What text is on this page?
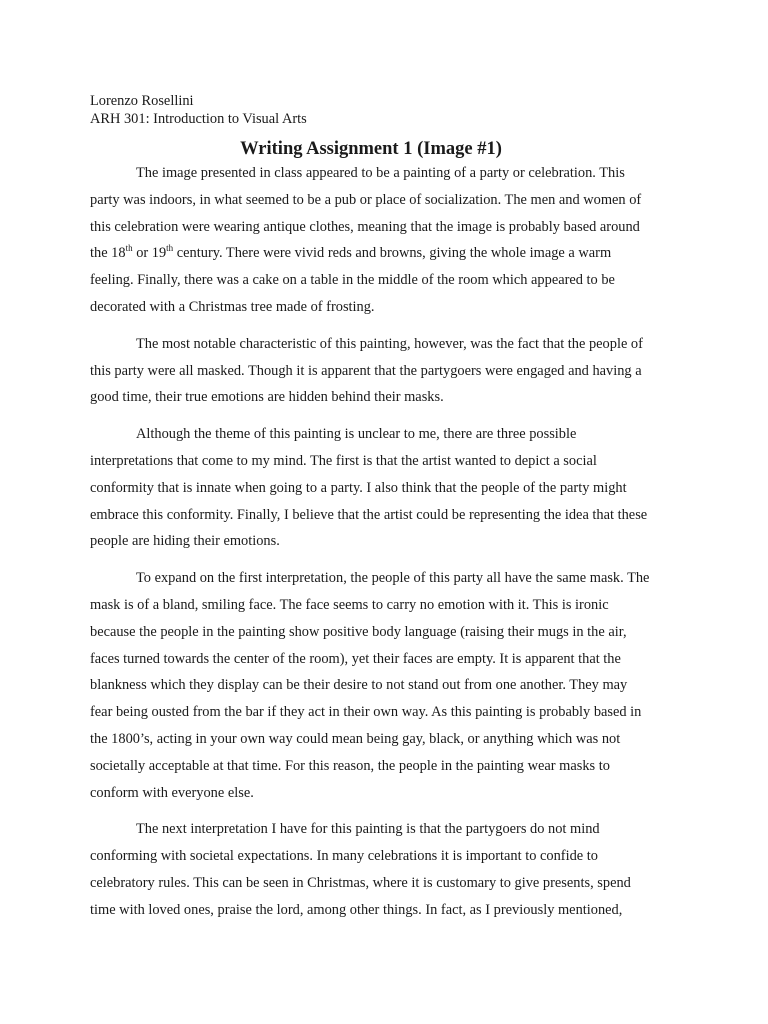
Lorenzo Rosellini
ARH 301: Introduction to Visual Arts
Writing Assignment 1 (Image #1)

The image presented in class appeared to be a painting of a party or celebration. This party was indoors, in what seemed to be a pub or place of socialization. The men and women of this celebration were wearing antique clothes, meaning that the image is probably based around the 18th or 19th century. There were vivid reds and browns, giving the whole image a warm feeling. Finally, there was a cake on a table in the middle of the room which appeared to be decorated with a Christmas tree made of frosting.

The most notable characteristic of this painting, however, was the fact that the people of this party were all masked. Though it is apparent that the partygoers were engaged and having a good time, their true emotions are hidden behind their masks.

Although the theme of this painting is unclear to me, there are three possible interpretations that come to my mind. The first is that the artist wanted to depict a social conformity that is innate when going to a party. I also think that the people of the party might embrace this conformity. Finally, I believe that the artist could be representing the idea that these people are hiding their emotions.

To expand on the first interpretation, the people of this party all have the same mask. The mask is of a bland, smiling face. The face seems to carry no emotion with it. This is ironic because the people in the painting show positive body language (raising their mugs in the air, faces turned towards the center of the room), yet their faces are empty. It is apparent that the blankness which they display can be their desire to not stand out from one another. They may fear being ousted from the bar if they act in their own way. As this painting is probably based in the 1800’s, acting in your own way could mean being gay, black, or anything which was not societally acceptable at that time. For this reason, the people in the painting wear masks to conform with everyone else.

The next interpretation I have for this painting is that the partygoers do not mind conforming with societal expectations. In many celebrations it is important to confide to celebratory rules. This can be seen in Christmas, where it is customary to give presents, spend time with loved ones, praise the lord, among other things. In fact, as I previously mentioned,
